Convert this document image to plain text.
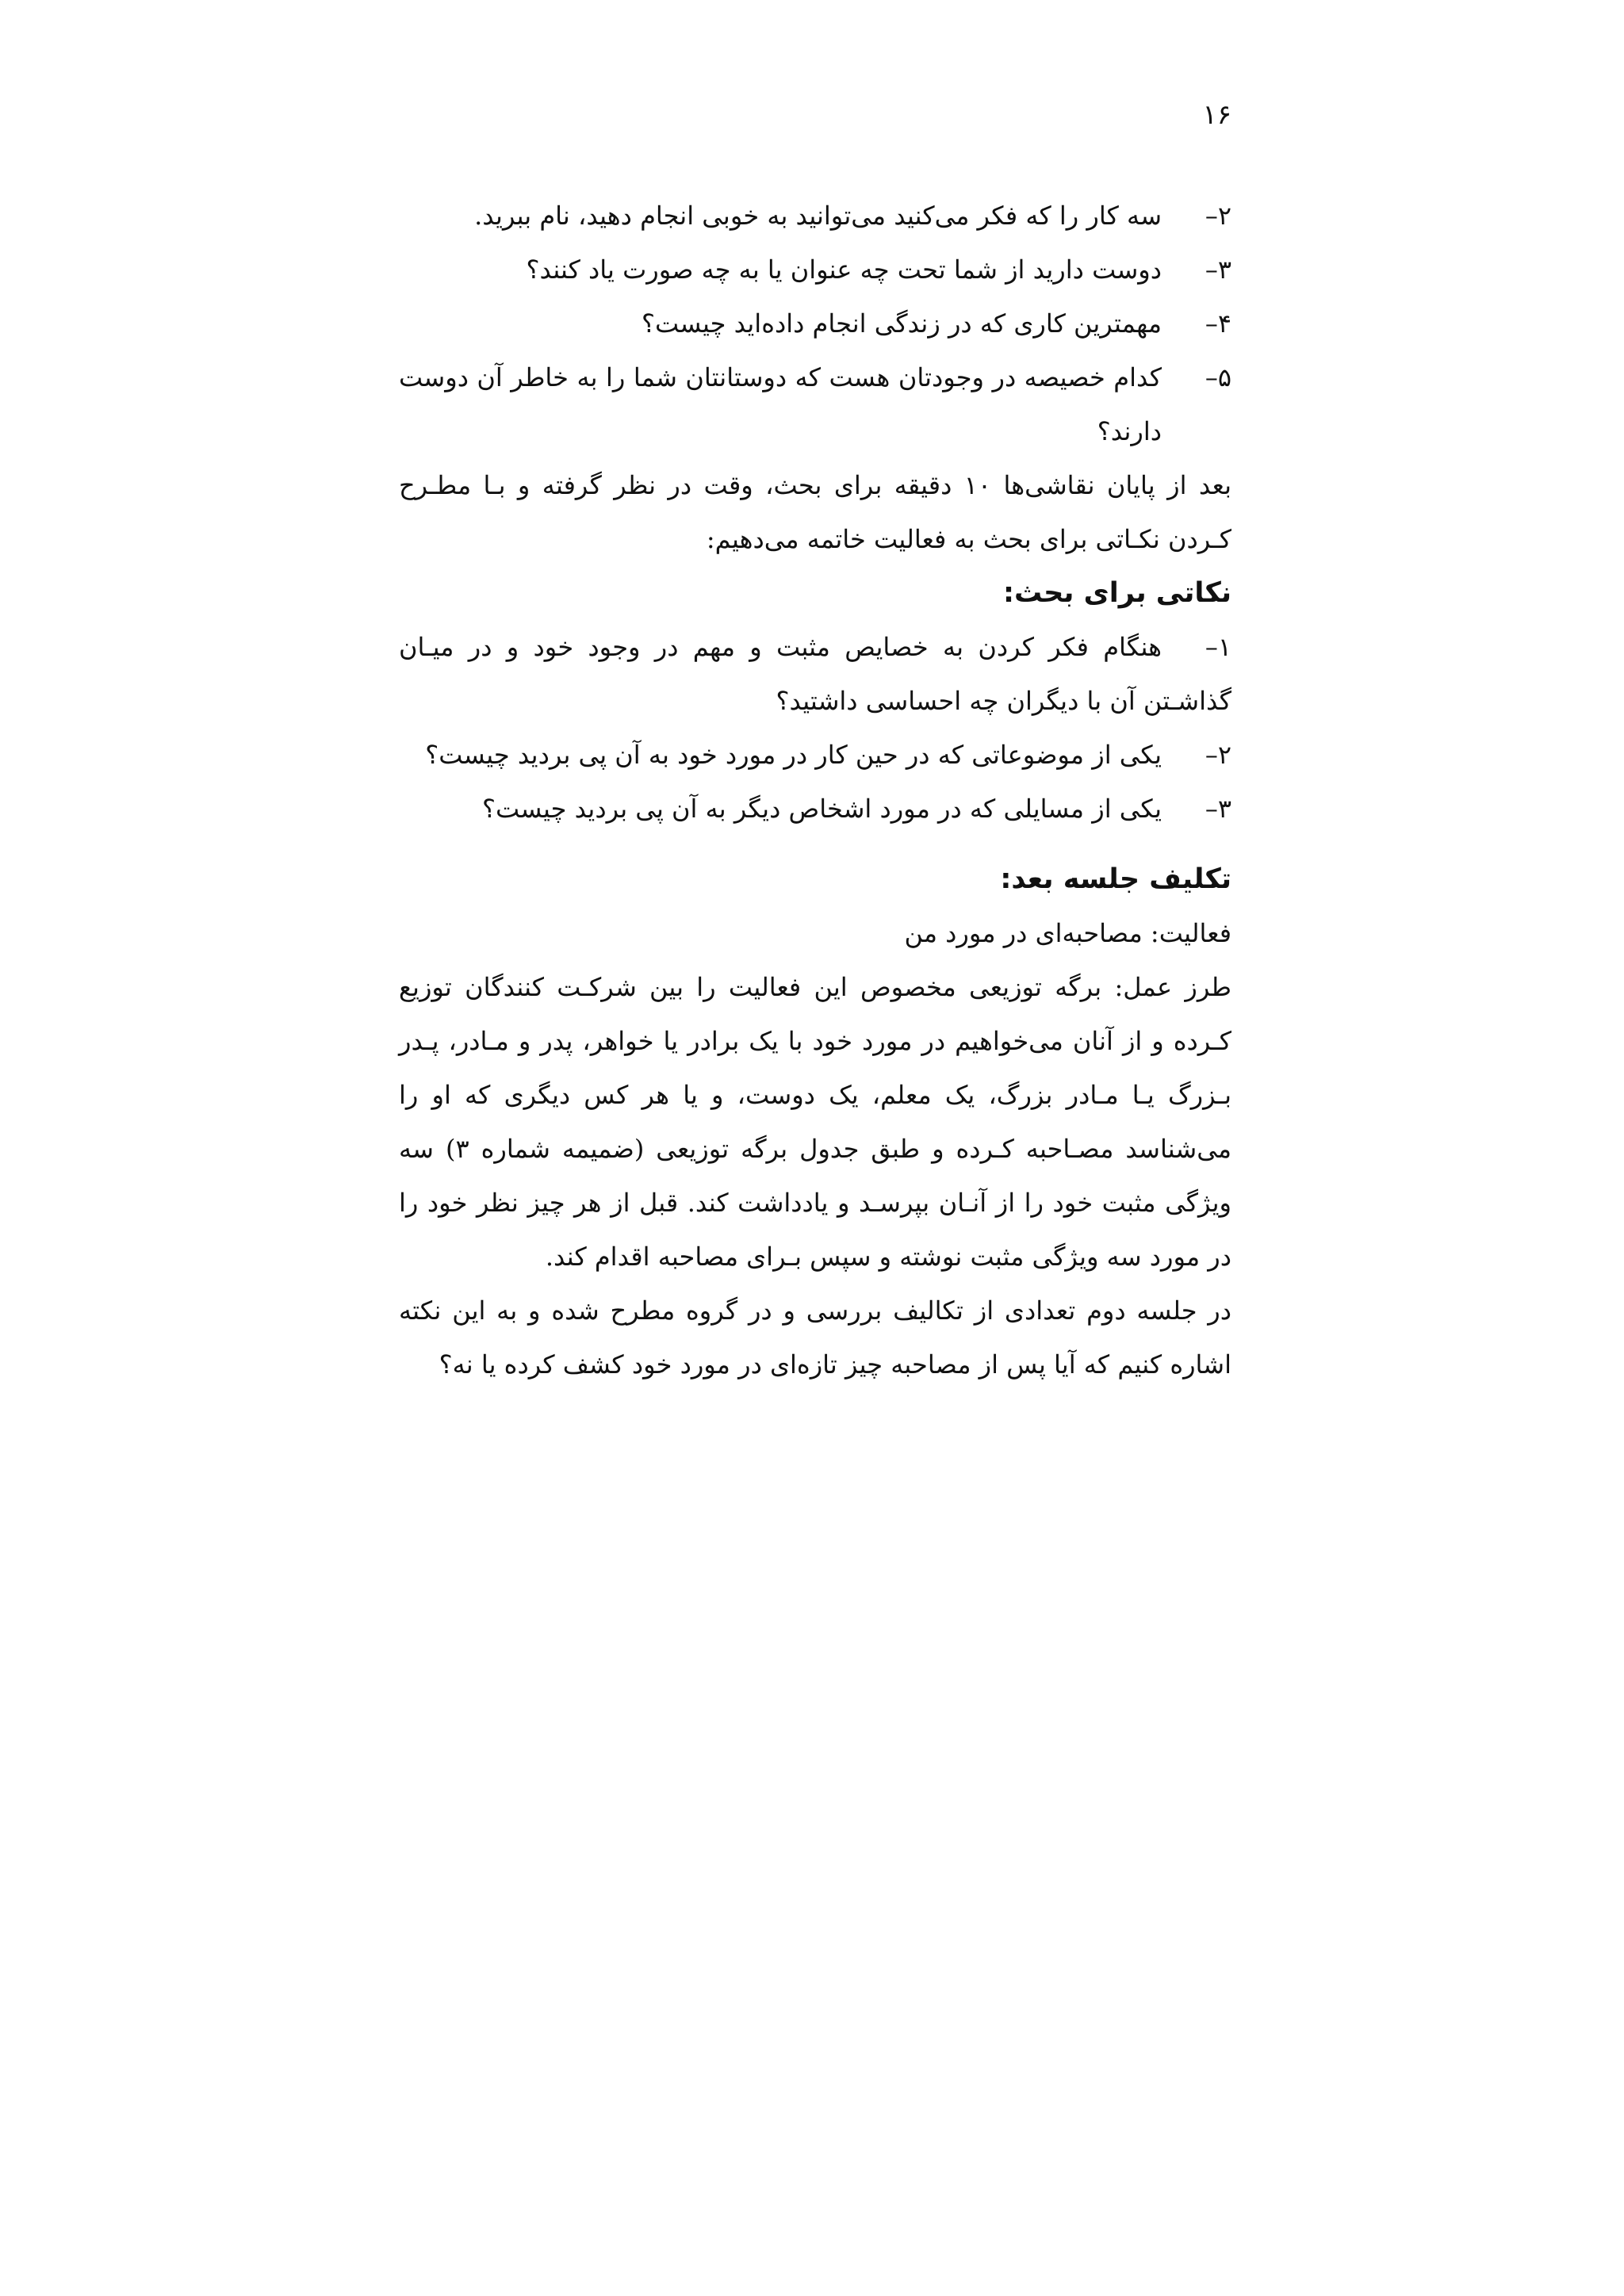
۱۶
۲–
سه کار را که فکر می‌کنید می‌توانید به خوبی انجام دهید، نام ببرید.
۳–
دوست دارید از شما تحت چه عنوان یا به چه صورت یاد کنند؟
۴–
مهمترین کاری که در زندگی انجام داده‌اید چیست؟
۵–
کدام خصیصه در وجودتان هست که دوستانتان شما را به خاطر آن دوست دارند؟
بعد از پایان نقاشی‌ها ۱۰ دقیقه برای بحث، وقت در نظر گرفته و بـا مطـرح کـردن نکـاتی برای بحث به فعالیت خاتمه می‌دهیم:
نکاتی برای بحث:
۱–هنگام فکر کردن به خصایص مثبت و مهم در وجود خود و در میـان گذاشـتن آن با دیگران چه احساسی داشتید؟
۲–
یکی از موضوعاتی که در حین کار در مورد خود به آن پی بردید چیست؟
۳–
یکی از مسایلی که در مورد اشخاص دیگر به آن پی بردید چیست؟
تکلیف جلسه بعد:
فعالیت: مصاحبه‌ای در مورد من
طرز عمل: برگه توزیعی مخصوص این فعالیت را بین شرکـت کنندگان توزیع کـرده و از آنان می‌خواهیم در مورد خود با یک برادر یا خواهر، پدر و مـادر، پـدر بـزرگ یـا مـادر بزرگ، یک معلم، یک دوست، و یا هر کس دیگری که او را می‌شناسد مصـاحبه کـرده و طبق جدول برگه توزیعی (ضمیمه شماره ۳) سه ویژگی مثبت خود را از آنـان بپرسـد و یادداشت کند. قبل از هر چیز نظر خود را در مورد سه ویژگی مثبت نوشته و سپس بـرای مصاحبه اقدام کند.
در جلسه دوم تعدادی از تکالیف بررسی و در گروه مطرح شده و به این نکته اشاره کنیم که آیا پس از مصاحبه چیز تازه‌ای در مورد خود کشف کرده یا نه؟
